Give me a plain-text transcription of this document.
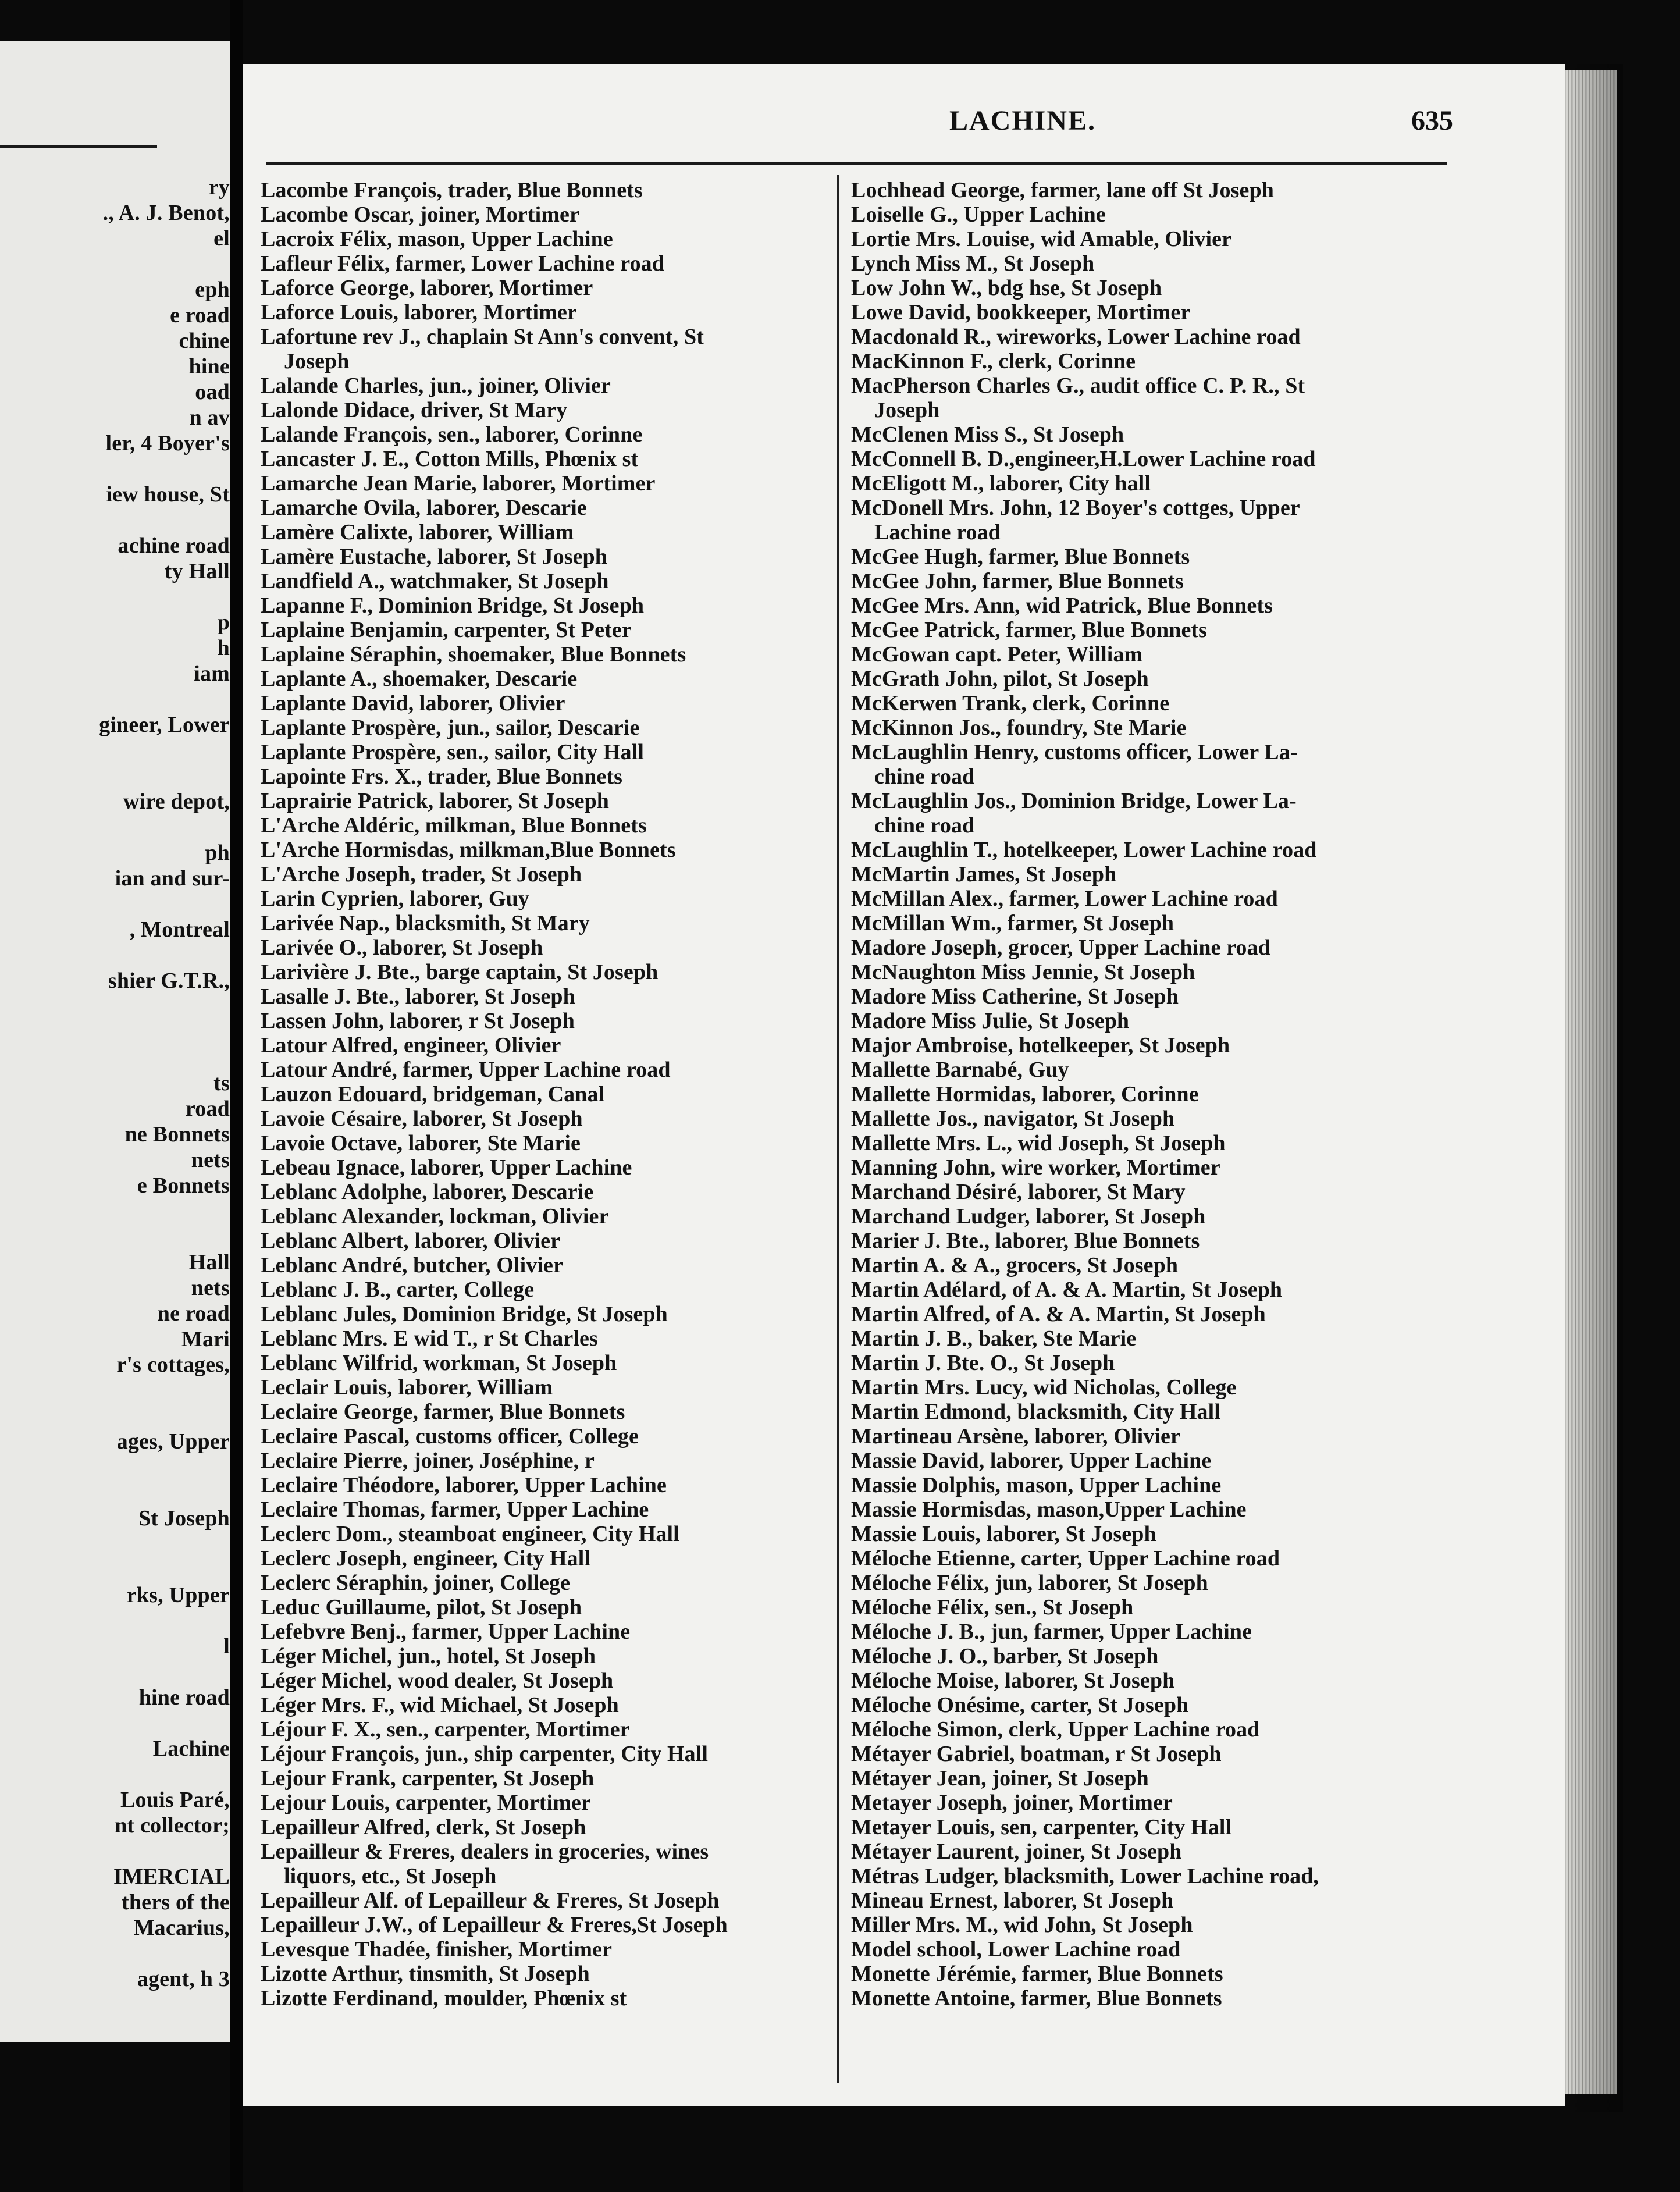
ry
., A. J. Benot,
el
eph
e road
chine
hine
oad
n av
ler, 4 Boyer's
iew house, St
achine road
ty Hall
p
h
iam
gineer, Lower
wire depot,
ph
ian and sur-
, Montreal
shier G.T.R.,
ts
road
ne Bonnets
nets
e Bonnets
Hall
nets
ne road
Mari
r's cottages,
ages, Upper
St Joseph
rks, Upper
l
hine road
Lachine
Louis Paré,
nt collector;
IMERCIAL
thers of the
Macarius,
agent, h 3
LACHINE.	635
Lacombe François, trader, Blue Bonnets
Lacombe Oscar, joiner, Mortimer
Lacroix Félix, mason, Upper Lachine
Lafleur Félix, farmer, Lower Lachine road
Laforce George, laborer, Mortimer
Laforce Louis, laborer, Mortimer
Lafortune rev J., chaplain St Ann's convent, St
Joseph
Lalande Charles, jun., joiner, Olivier
Lalonde Didace, driver, St Mary
Lalande François, sen., laborer, Corinne
Lancaster J. E., Cotton Mills, Phœnix st
Lamarche Jean Marie, laborer, Mortimer
Lamarche Ovila, laborer, Descarie
Lamère Calixte, laborer, William
Lamère Eustache, laborer, St Joseph
Landfield A., watchmaker, St Joseph
Lapanne F., Dominion Bridge, St Joseph
Laplaine Benjamin, carpenter, St Peter
Laplaine Séraphin, shoemaker, Blue Bonnets
Laplante A., shoemaker, Descarie
Laplante David, laborer, Olivier
Laplante Prospère, jun., sailor, Descarie
Laplante Prospère, sen., sailor, City Hall
Lapointe Frs. X., trader, Blue Bonnets
Laprairie Patrick, laborer, St Joseph
L'Arche Aldéric, milkman, Blue Bonnets
L'Arche Hormisdas, milkman,Blue Bonnets
L'Arche Joseph, trader, St Joseph
Larin Cyprien, laborer, Guy
Larivée Nap., blacksmith, St Mary
Larivée O., laborer, St Joseph
Larivière J. Bte., barge captain, St Joseph
Lasalle J. Bte., laborer, St Joseph
Lassen John, laborer, r St Joseph
Latour Alfred, engineer, Olivier
Latour André, farmer, Upper Lachine road
Lauzon Edouard, bridgeman, Canal
Lavoie Césaire, laborer, St Joseph
Lavoie Octave, laborer, Ste Marie
Lebeau Ignace, laborer, Upper Lachine
Leblanc Adolphe, laborer, Descarie
Leblanc Alexander, lockman, Olivier
Leblanc Albert, laborer, Olivier
Leblanc André, butcher, Olivier
Leblanc J. B., carter, College
Leblanc Jules, Dominion Bridge, St Joseph
Leblanc Mrs. E wid T., r St Charles
Leblanc Wilfrid, workman, St Joseph
Leclair Louis, laborer, William
Leclaire George, farmer, Blue Bonnets
Leclaire Pascal, customs officer, College
Leclaire Pierre, joiner, Joséphine, r
Leclaire Théodore, laborer, Upper Lachine
Leclaire Thomas, farmer, Upper Lachine
Leclerc Dom., steamboat engineer, City Hall
Leclerc Joseph, engineer, City Hall
Leclerc Séraphin, joiner, College
Leduc Guillaume, pilot, St Joseph
Lefebvre Benj., farmer, Upper Lachine
Léger Michel, jun., hotel, St Joseph
Léger Michel, wood dealer, St Joseph
Léger Mrs. F., wid Michael, St Joseph
Léjour F. X., sen., carpenter, Mortimer
Léjour François, jun., ship carpenter, City Hall
Lejour Frank, carpenter, St Joseph
Lejour Louis, carpenter, Mortimer
Lepailleur Alfred, clerk, St Joseph
Lepailleur & Freres, dealers in groceries, wines
liquors, etc., St Joseph
Lepailleur Alf. of Lepailleur & Freres, St Joseph
Lepailleur J.W., of Lepailleur & Freres,St Joseph
Levesque Thadée, finisher, Mortimer
Lizotte Arthur, tinsmith, St Joseph
Lizotte Ferdinand, moulder, Phœnix st
Lochhead George, farmer, lane off St Joseph
Loiselle G., Upper Lachine
Lortie Mrs. Louise, wid Amable, Olivier
Lynch Miss M., St Joseph
Low John W., bdg hse, St Joseph
Lowe David, bookkeeper, Mortimer
Macdonald R., wireworks, Lower Lachine road
MacKinnon F., clerk, Corinne
MacPherson Charles G., audit office C. P. R., St
Joseph
McClenen Miss S., St Joseph
McConnell B. D.,engineer,H.Lower Lachine road
McEligott M., laborer, City hall
McDonell Mrs. John, 12 Boyer's cottges, Upper
Lachine road
McGee Hugh, farmer, Blue Bonnets
McGee John, farmer, Blue Bonnets
McGee Mrs. Ann, wid Patrick, Blue Bonnets
McGee Patrick, farmer, Blue Bonnets
McGowan capt. Peter, William
McGrath John, pilot, St Joseph
McKerwen Trank, clerk, Corinne
McKinnon Jos., foundry, Ste Marie
McLaughlin Henry, customs officer, Lower La-
chine road
McLaughlin Jos., Dominion Bridge, Lower La-
chine road
McLaughlin T., hotelkeeper, Lower Lachine road
McMartin James, St Joseph
McMillan Alex., farmer, Lower Lachine road
McMillan Wm., farmer, St Joseph
Madore Joseph, grocer, Upper Lachine road
McNaughton Miss Jennie, St Joseph
Madore Miss Catherine, St Joseph
Madore Miss Julie, St Joseph
Major Ambroise, hotelkeeper, St Joseph
Mallette Barnabé, Guy
Mallette Hormidas, laborer, Corinne
Mallette Jos., navigator, St Joseph
Mallette Mrs. L., wid Joseph, St Joseph
Manning John, wire worker, Mortimer
Marchand Désiré, laborer, St Mary
Marchand Ludger, laborer, St Joseph
Marier J. Bte., laborer, Blue Bonnets
Martin A. & A., grocers, St Joseph
Martin Adélard, of A. & A. Martin, St Joseph
Martin Alfred, of A. & A. Martin, St Joseph
Martin J. B., baker, Ste Marie
Martin J. Bte. O., St Joseph
Martin Mrs. Lucy, wid Nicholas, College
Martin Edmond, blacksmith, City Hall
Martineau Arsène, laborer, Olivier
Massie David, laborer, Upper Lachine
Massie Dolphis, mason, Upper Lachine
Massie Hormisdas, mason,Upper Lachine
Massie Louis, laborer, St Joseph
Méloche Etienne, carter, Upper Lachine road
Méloche Félix, jun, laborer, St Joseph
Méloche Félix, sen., St Joseph
Méloche J. B., jun, farmer, Upper Lachine
Méloche J. O., barber, St Joseph
Méloche Moise, laborer, St Joseph
Méloche Onésime, carter, St Joseph
Méloche Simon, clerk, Upper Lachine road
Métayer Gabriel, boatman, r St Joseph
Métayer Jean, joiner, St Joseph
Metayer Joseph, joiner, Mortimer
Metayer Louis, sen, carpenter, City Hall
Métayer Laurent, joiner, St Joseph
Métras Ludger, blacksmith, Lower Lachine road,
Mineau Ernest, laborer, St Joseph
Miller Mrs. M., wid John, St Joseph
Model school, Lower Lachine road
Monette Jérémie, farmer, Blue Bonnets
Monette Antoine, farmer, Blue Bonnets
